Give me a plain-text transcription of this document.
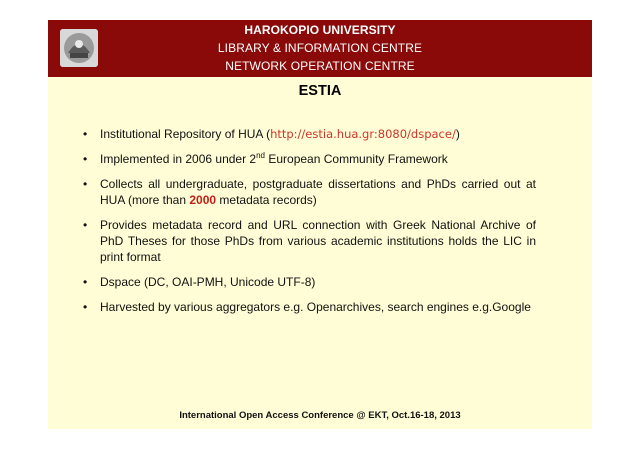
HAROKOPIO UNIVERSITY
LIBRARY & INFORMATION CENTRE
NETWORK OPERATION CENTRE
ESTIA
• Institutional Repository of HUA (http://estia.hua.gr:8080/dspace/)
• Implemented in 2006 under 2nd European Community Framework
• Collects all undergraduate, postgraduate dissertations and PhDs carried out at HUA (more than 2000 metadata records)
• Provides metadata record and URL connection with Greek National Archive of PhD Theses for those PhDs from various academic institutions holds the LIC in print format
• Dspace (DC, OAI-PMH, Unicode UTF-8)
• Harvested by various aggregators e.g. Openarchives, search engines e.g.Google
International Open Access Conference @ EKT, Oct.16-18, 2013
